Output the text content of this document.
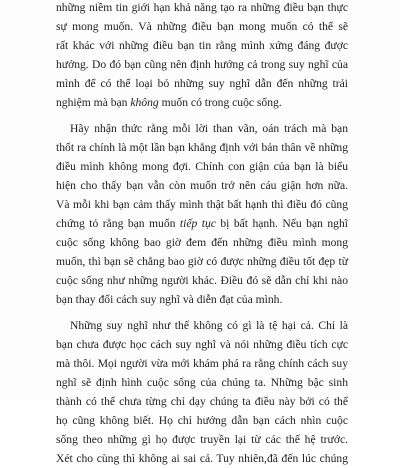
những niềm tin giới hạn khả năng tạo ra những điều bạn thực
sự mong muốn. Và những điều bạn mong muốn có thể sẽ
rất khác với những điều bạn tin rằng mình xứng đáng được
hưởng. Do đó bạn cũng nên định hướng cả trong suy nghĩ của
mình để có thể loại bỏ những suy nghĩ dẫn đến những trải
nghiệm mà bạn không muốn có trong cuộc sống.
Hãy nhận thức rằng mỗi lời than vãn, oán trách mà bạn
thốt ra chính là một lần bạn khẳng định với bản thân về những
điều mình không mong đợi. Chính con giận của bạn là biểu
hiện cho thấy bạn vẫn còn muốn trở nên cáu giận hơn nữa.
Và mỗi khi bạn cảm thấy mình thật bất hạnh thì điều đó cũng
chứng tỏ rằng bạn muốn tiếp tục bị bất hạnh. Nếu bạn nghĩ
cuộc sống không bao giờ đem đến những điều mình mong
muốn, thì bạn sẽ chẳng bao giờ có được những điều tốt đẹp từ
cuộc sống như những người khác. Điều đó sẽ dẫn chỉ khi nào
bạn thay đổi cách suy nghĩ và diễn đạt của mình.
Những suy nghĩ như thế không có gì là tệ hại cả. Chỉ là
bạn chưa được học cách suy nghĩ và nói những điều tích cực
mà thôi. Mọi người vừa mới khám phá ra rằng chính cách suy
nghĩ sẽ định hình cuộc sống của chúng ta. Những bậc sinh
thành có thể chưa từng chỉ dạy chúng ta điều này bởi có thể
họ cũng không biết. Họ chỉ hướng dẫn bạn cách nhìn cuộc
sống theo những gì họ được truyền lại từ các thế hệ trước.
Xét cho cùng thì không ai sai cả. Tuy nhiên,đã đến lúc chúng
